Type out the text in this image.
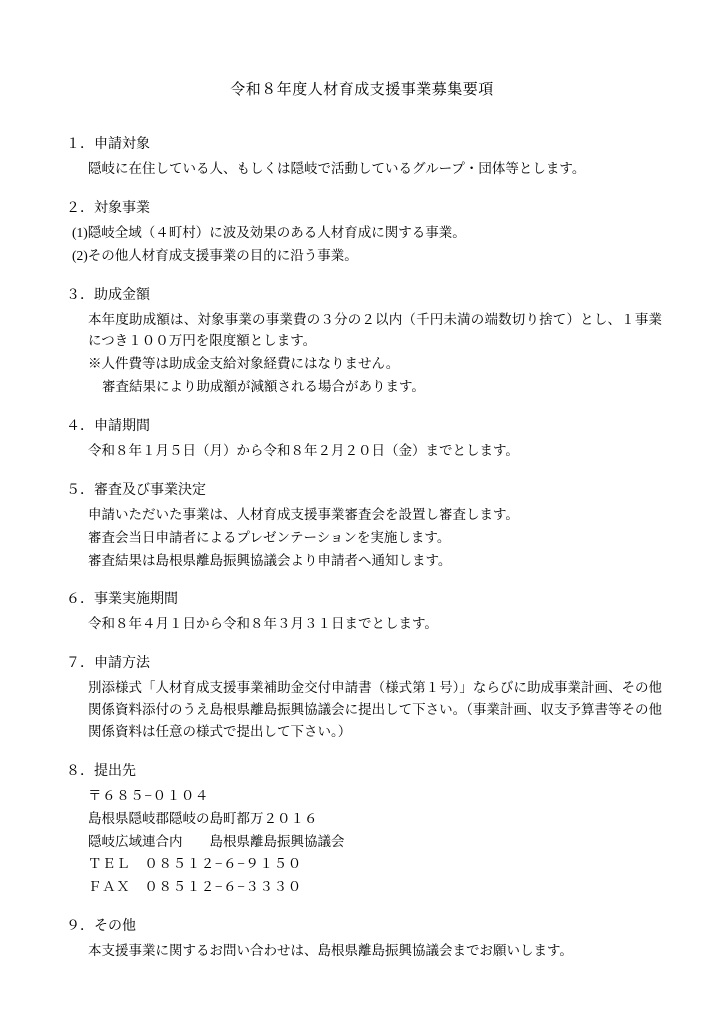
令和８年度人材育成支援事業募集要項
１．申請対象

隠岐に在住している人、もしくは隠岐で活動しているグループ・団体等とします。

２．対象事業

(1)隠岐全域（４町村）に波及効果のある人材育成に関する事業。

(2)その他人材育成支援事業の目的に沿う事業。

３．助成金額

本年度助成額は、対象事業の事業費の３分の２以内（千円未満の端数切り捨て）とし、１事業につき１００万円を限度額とします。

※人件費等は助成金支給対象経費にはなりません。

審査結果により助成額が減額される場合があります。

４．申請期間

令和８年１月５日（月）から令和８年２月２０日（金）までとします。

５．審査及び事業決定

申請いただいた事業は、人材育成支援事業審査会を設置し審査します。

審査会当日申請者によるプレゼンテーションを実施します。

審査結果は島根県離島振興協議会より申請者へ通知します。

６．事業実施期間

令和８年４月１日から令和８年３月３１日までとします。

７．申請方法

別添様式「人材育成支援事業補助金交付申請書（様式第１号）」ならびに助成事業計画、その他関係資料添付のうえ島根県離島振興協議会に提出して下さい。（事業計画、収支予算書等その他関係資料は任意の様式で提出して下さい。）

８．提出先

〒６８５−０１０４

島根県隠岐郡隠岐の島町都万２０１６

隠岐広域連合内　　島根県離島振興協議会

ＴＥＬ　０８５１２−６−９１５０

ＦＡＸ　０８５１２−６−３３３０

９．その他

本支援事業に関するお問い合わせは、島根県離島振興協議会までお願いします。
